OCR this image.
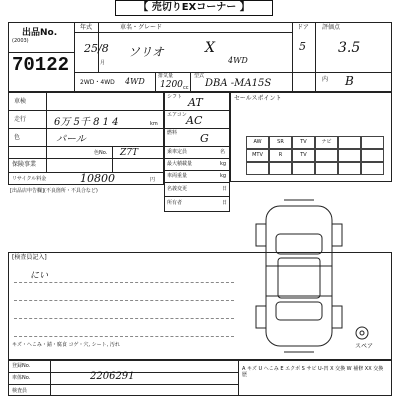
【 売切りEXコーナー 】
出品No.
(2003)
70122
年式	車名・グレード
25/8
月
ソリオ	X
4WD
ドア
5
評価点
3.5
内 B
2WD・4WD 4WD
排気量
1200 cc
型式
DBA -MA15S
車検
走行	6万 5千 8 1 4	km
色	パール
色No. Z7T
保険事業
リサイクル料金	10800	円
[出品店申告欄](不良箇所・不具合など)
シフト AT
エアコン AC
燃料 G
乗車定員	名
最大積載量	kg
車両重量	kg
名義変更	日
所有者	日
セールスポイント
AW	SR	TV	ナビ
MTV	R	TV
[検査員記入]
にい
キズ・へこみ・錆・腐食 コゲ・穴, シート, 汚れ	スペア
登録No.
車体No.	2206291
検査員
A キズ U へこみ E エクボ S サビ U-凹 X 交換 W 補修 XX 交換歴
